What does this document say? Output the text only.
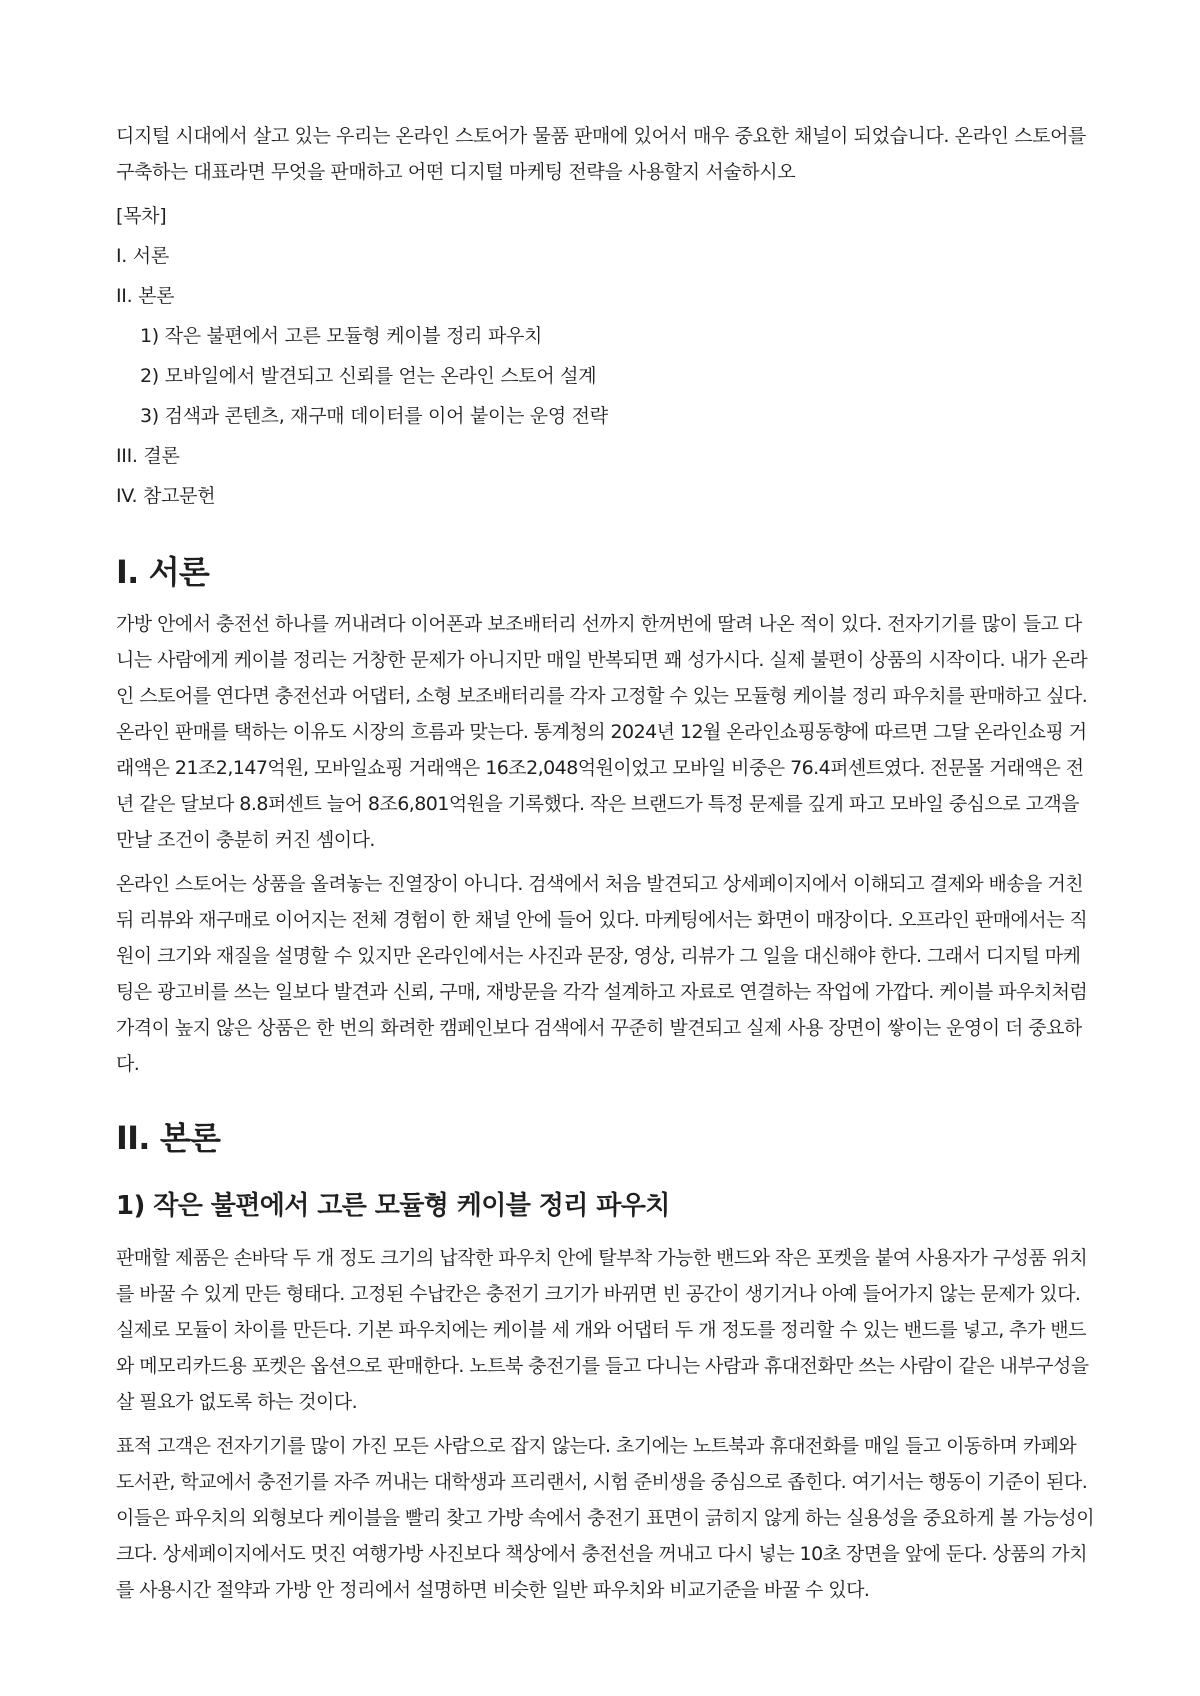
디지털 시대에서 살고 있는 우리는 온라인 스토어가 물품 판매에 있어서 매우 중요한 채널이 되었습니다. 온라인 스토어를 구축하는 대표라면 무엇을 판매하고 어떤 디지털 마케팅 전략을 사용할지 서술하시오

[목차]

I. 서론

II. 본론

1) 작은 불편에서 고른 모듈형 케이블 정리 파우치

2) 모바일에서 발견되고 신뢰를 얻는 온라인 스토어 설계

3) 검색과 콘텐츠, 재구매 데이터를 이어 붙이는 운영 전략

III. 결론

IV. 참고문헌

I. 서론

가방 안에서 충전선 하나를 꺼내려다 이어폰과 보조배터리 선까지 한꺼번에 딸려 나온 적이 있다. 전자기기를 많이 들고 다니는 사람에게 케이블 정리는 거창한 문제가 아니지만 매일 반복되면 꽤 성가시다. 실제 불편이 상품의 시작이다. 내가 온라인 스토어를 연다면 충전선과 어댑터, 소형 보조배터리를 각자 고정할 수 있는 모듈형 케이블 정리 파우치를 판매하고 싶다. 온라인 판매를 택하는 이유도 시장의 흐름과 맞는다. 통계청의 2024년 12월 온라인쇼핑동향에 따르면 그달 온라인쇼핑 거래액은 21조2,147억원, 모바일쇼핑 거래액은 16조2,048억원이었고 모바일 비중은 76.4퍼센트였다. 전문몰 거래액은 전년 같은 달보다 8.8퍼센트 늘어 8조6,801억원을 기록했다. 작은 브랜드가 특정 문제를 깊게 파고 모바일 중심으로 고객을 만날 조건이 충분히 커진 셈이다.

온라인 스토어는 상품을 올려놓는 진열장이 아니다. 검색에서 처음 발견되고 상세페이지에서 이해되고 결제와 배송을 거친 뒤 리뷰와 재구매로 이어지는 전체 경험이 한 채널 안에 들어 있다. 마케팅에서는 화면이 매장이다. 오프라인 판매에서는 직원이 크기와 재질을 설명할 수 있지만 온라인에서는 사진과 문장, 영상, 리뷰가 그 일을 대신해야 한다. 그래서 디지털 마케팅은 광고비를 쓰는 일보다 발견과 신뢰, 구매, 재방문을 각각 설계하고 자료로 연결하는 작업에 가깝다. 케이블 파우치처럼 가격이 높지 않은 상품은 한 번의 화려한 캠페인보다 검색에서 꾸준히 발견되고 실제 사용 장면이 쌓이는 운영이 더 중요하다.

II. 본론
1) 작은 불편에서 고른 모듈형 케이블 정리 파우치

판매할 제품은 손바닥 두 개 정도 크기의 납작한 파우치 안에 탈부착 가능한 밴드와 작은 포켓을 붙여 사용자가 구성품 위치를 바꿀 수 있게 만든 형태다. 고정된 수납칸은 충전기 크기가 바뀌면 빈 공간이 생기거나 아예 들어가지 않는 문제가 있다. 실제로 모듈이 차이를 만든다. 기본 파우치에는 케이블 세 개와 어댑터 두 개 정도를 정리할 수 있는 밴드를 넣고, 추가 밴드와 메모리카드용 포켓은 옵션으로 판매한다. 노트북 충전기를 들고 다니는 사람과 휴대전화만 쓰는 사람이 같은 내부구성을 살 필요가 없도록 하는 것이다.

표적 고객은 전자기기를 많이 가진 모든 사람으로 잡지 않는다. 초기에는 노트북과 휴대전화를 매일 들고 이동하며 카페와 도서관, 학교에서 충전기를 자주 꺼내는 대학생과 프리랜서, 시험 준비생을 중심으로 좁힌다. 여기서는 행동이 기준이 된다. 이들은 파우치의 외형보다 케이블을 빨리 찾고 가방 속에서 충전기 표면이 긁히지 않게 하는 실용성을 중요하게 볼 가능성이 크다. 상세페이지에서도 멋진 여행가방 사진보다 책상에서 충전선을 꺼내고 다시 넣는 10초 장면을 앞에 둔다. 상품의 가치를 사용시간 절약과 가방 안 정리에서 설명하면 비슷한 일반 파우치와 비교기준을 바꿀 수 있다.
